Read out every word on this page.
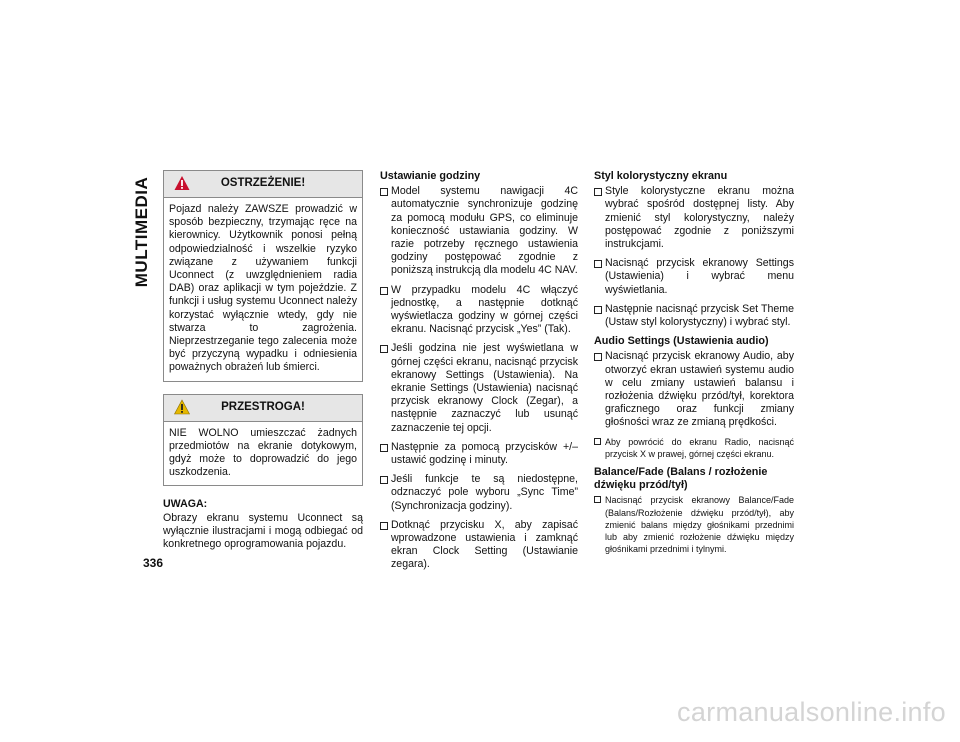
MULTIMEDIA
336
OSTRZEŻENIE!
Pojazd należy ZAWSZE prowadzić w sposób bezpieczny, trzymając ręce na kierownicy. Użytkownik ponosi pełną odpowiedzialność i wszelkie ryzyko związane z używaniem funkcji Uconnect (z uwzględnieniem radia DAB) oraz aplikacji w tym pojeździe. Z funkcji i usług systemu Uconnect należy korzystać wyłącznie wtedy, gdy nie stwarza to zagrożenia. Nieprzestrzeganie tego zalecenia może być przyczyną wypadku i odniesienia poważnych obrażeń lub śmierci.
PRZESTROGA!
NIE WOLNO umieszczać żadnych przedmiotów na ekranie dotykowym, gdyż może to doprowadzić do jego uszkodzenia.
UWAGA:
Obrazy ekranu systemu Uconnect są wyłącznie ilustracjami i mogą odbiegać od konkretnego oprogramowania pojazdu.
Ustawianie godziny
Model systemu nawigacji 4C automatycznie synchronizuje godzinę za pomocą modułu GPS, co eliminuje konieczność ustawiania godziny. W razie potrzeby ręcznego ustawienia godziny postępować zgodnie z poniższą instrukcją dla modelu 4C NAV.
W przypadku modelu 4C włączyć jednostkę, a następnie dotknąć wyświetlacza godziny w górnej części ekranu. Nacisnąć przycisk „Yes” (Tak).
Jeśli godzina nie jest wyświetlana w górnej części ekranu, nacisnąć przycisk ekranowy Settings (Ustawienia). Na ekranie Settings (Ustawienia) nacisnąć przycisk ekranowy Clock (Zegar), a następnie zaznaczyć lub usunąć zaznaczenie tej opcji.
Następnie za pomocą przycisków +/– ustawić godzinę i minuty.
Jeśli funkcje te są niedostępne, odznaczyć pole wyboru „Sync Time” (Synchronizacja godziny).
Dotknąć przycisku X, aby zapisać wprowadzone ustawienia i zamknąć ekran Clock Setting (Ustawianie zegara).
Styl kolorystyczny ekranu
Style kolorystyczne ekranu można wybrać spośród dostępnej listy. Aby zmienić styl kolorystyczny, należy postępować zgodnie z poniższymi instrukcjami.
Nacisnąć przycisk ekranowy Settings (Ustawienia) i wybrać menu wyświetlania.
Następnie nacisnąć przycisk Set Theme (Ustaw styl kolorystyczny) i wybrać styl.
Audio Settings (Ustawienia audio)
Nacisnąć przycisk ekranowy Audio, aby otworzyć ekran ustawień systemu audio w celu zmiany ustawień balansu i rozłożenia dźwięku przód/tył, korektora graficznego oraz funkcji zmiany głośności wraz ze zmianą prędkości.
Aby powrócić do ekranu Radio, nacisnąć przycisk X w prawej, górnej części ekranu.
Balance/Fade (Balans / rozłożenie dźwięku przód/tył)
Nacisnąć przycisk ekranowy Balance/Fade (Balans/Rozłożenie dźwięku przód/tył), aby zmienić balans między głośnikami przednimi lub aby zmienić rozłożenie dźwięku między głośnikami przednimi i tylnymi.
carmanualsonline.info
